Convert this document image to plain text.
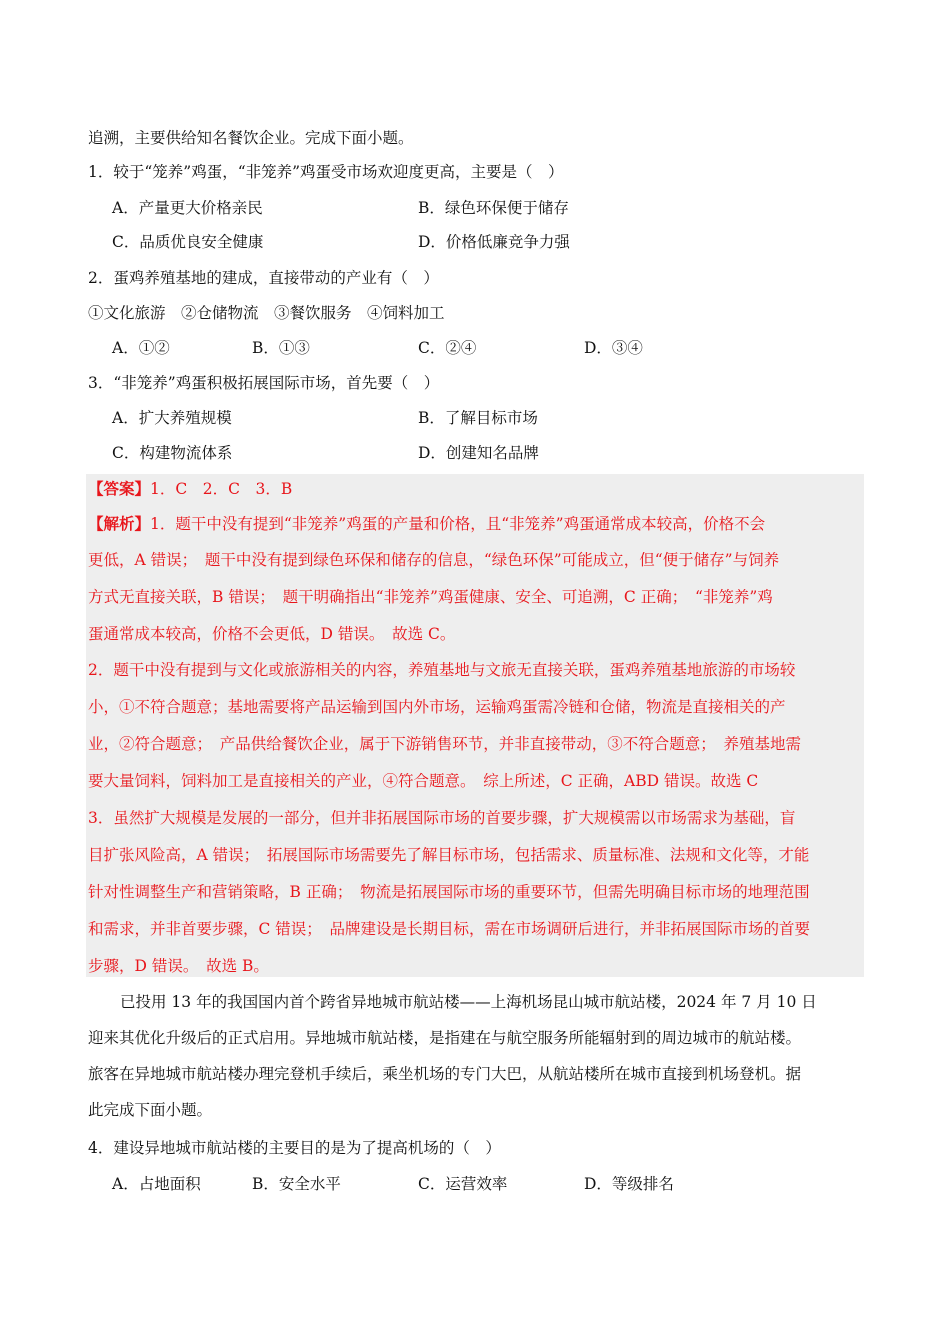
追溯，主要供给知名餐饮企业。完成下面小题。
1．较于“笼养”鸡蛋，“非笼养”鸡蛋受市场欢迎度更高，主要是（　）
A．产量更大价格亲民	B．绿色环保便于储存
C．品质优良安全健康	D．价格低廉竞争力强
2．蛋鸡养殖基地的建成，直接带动的产业有（　）
①文化旅游　②仓储物流　③餐饮服务　④饲料加工
A．①②	B．①③	C．②④	D．③④
3．“非笼养”鸡蛋积极拓展国际市场，首先要（　）
A．扩大养殖规模	B．了解目标市场
C．构建物流体系	D．创建知名品牌
【答案】1．C　2．C　3．B
【解析】1．题干中没有提到“非笼养”鸡蛋的产量和价格，且“非笼养”鸡蛋通常成本较高，价格不会
更低，A 错误；　题干中没有提到绿色环保和储存的信息，“绿色环保”可能成立，但“便于储存”与饲养
方式无直接关联，B 错误；　题干明确指出“非笼养”鸡蛋健康、安全、可追溯，C 正确；　“非笼养”鸡
蛋通常成本较高，价格不会更低，D 错误。　故选 C。
2．题干中没有提到与文化或旅游相关的内容，养殖基地与文旅无直接关联，蛋鸡养殖基地旅游的市场较
小，①不符合题意；基地需要将产品运输到国内外市场，运输鸡蛋需冷链和仓储，物流是直接相关的产
业，②符合题意；　产品供给餐饮企业，属于下游销售环节，并非直接带动，③不符合题意；　养殖基地需
要大量饲料，饲料加工是直接相关的产业，④符合题意。　综上所述，C 正确，ABD 错误。故选 C
3．虽然扩大规模是发展的一部分，但并非拓展国际市场的首要步骤，扩大规模需以市场需求为基础，盲
目扩张风险高，A 错误；　拓展国际市场需要先了解目标市场，包括需求、质量标准、法规和文化等，才能
针对性调整生产和营销策略，B 正确；　物流是拓展国际市场的重要环节，但需先明确目标市场的地理范围
和需求，并非首要步骤，C 错误；　品牌建设是长期目标，需在市场调研后进行，并非拓展国际市场的首要
步骤，D 错误。　故选 B。
已投用 13 年的我国国内首个跨省异地城市航站楼——上海机场昆山城市航站楼，2024 年 7 月 10 日
迎来其优化升级后的正式启用。异地城市航站楼，是指建在与航空服务所能辐射到的周边城市的航站楼。
旅客在异地城市航站楼办理完登机手续后，乘坐机场的专门大巴，从航站楼所在城市直接到机场登机。据
此完成下面小题。
4．建设异地城市航站楼的主要目的是为了提高机场的（　）
A．占地面积	B．安全水平	C．运营效率	D．等级排名
